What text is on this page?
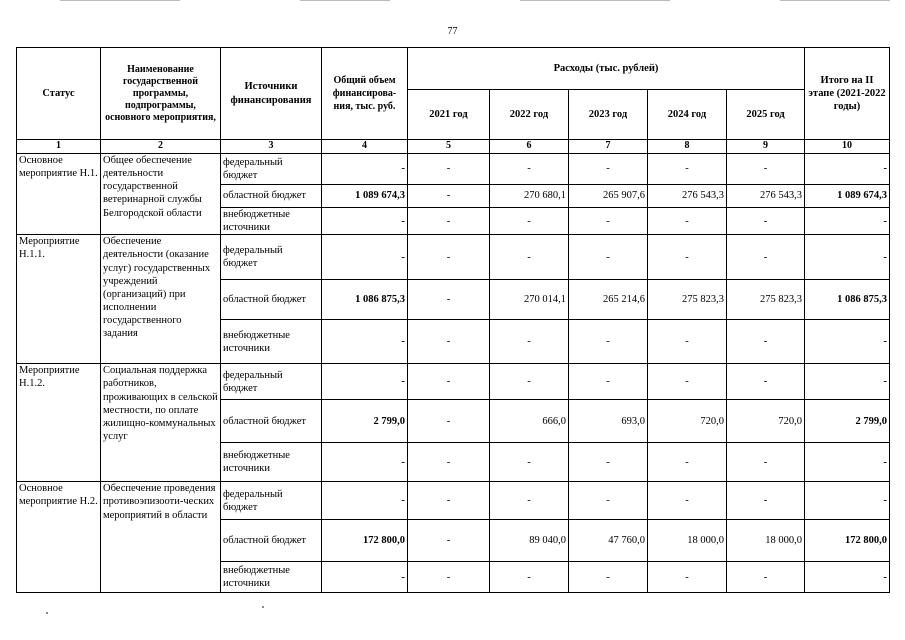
77
Статус	Наименование государственной программы, подпрограммы, основного мероприятия,	Источники финансирования	Общий объем финансирова-ния, тыс. руб.	Расходы (тыс. рублей)					Итого на II этапе (2021-2022 годы)
				2021 год	2022 год	2023 год	2024 год	2025 год	
1	2	3	4	5	6	7	8	9	10
Основное мероприятие Н.1.	Общее обеспечение деятельности государственной ветеринарной службы Белгородской области	федеральный бюджет	-	-	-	-	-	-	-
		областной бюджет	1 089 674,3	-	270 680,1	265 907,6	276 543,3	276 543,3	1 089 674,3
		внебюджетные источники	-	-	-	-	-	-	-
Мероприятие Н.1.1.	Обеспечение деятельности (оказание услуг) государственных учреждений (организаций) при исполнении государственного задания	федеральный бюджет	-	-	-	-	-	-	-
		областной бюджет	1 086 875,3	-	270 014,1	265 214,6	275 823,3	275 823,3	1 086 875,3
		внебюджетные источники	-	-	-	-	-	-	-
Мероприятие Н.1.2.	Социальная поддержка работников, проживающих в сельской местности, по оплате жилищно-коммунальных услуг	федеральный бюджет	-	-	-	-	-	-	-
		областной бюджет	2 799,0	-	666,0	693,0	720,0	720,0	2 799,0
		внебюджетные источники	-	-	-	-	-	-	-
Основное мероприятие Н.2.	Обеспечение проведения противоэпизооти-ческих мероприятий в области	федеральный бюджет	-	-	-	-	-	-	-
		областной бюджет	172 800,0	-	89 040,0	47 760,0	18 000,0	18 000,0	172 800,0
		внебюджетные источники	-	-	-	-	-	-	-
